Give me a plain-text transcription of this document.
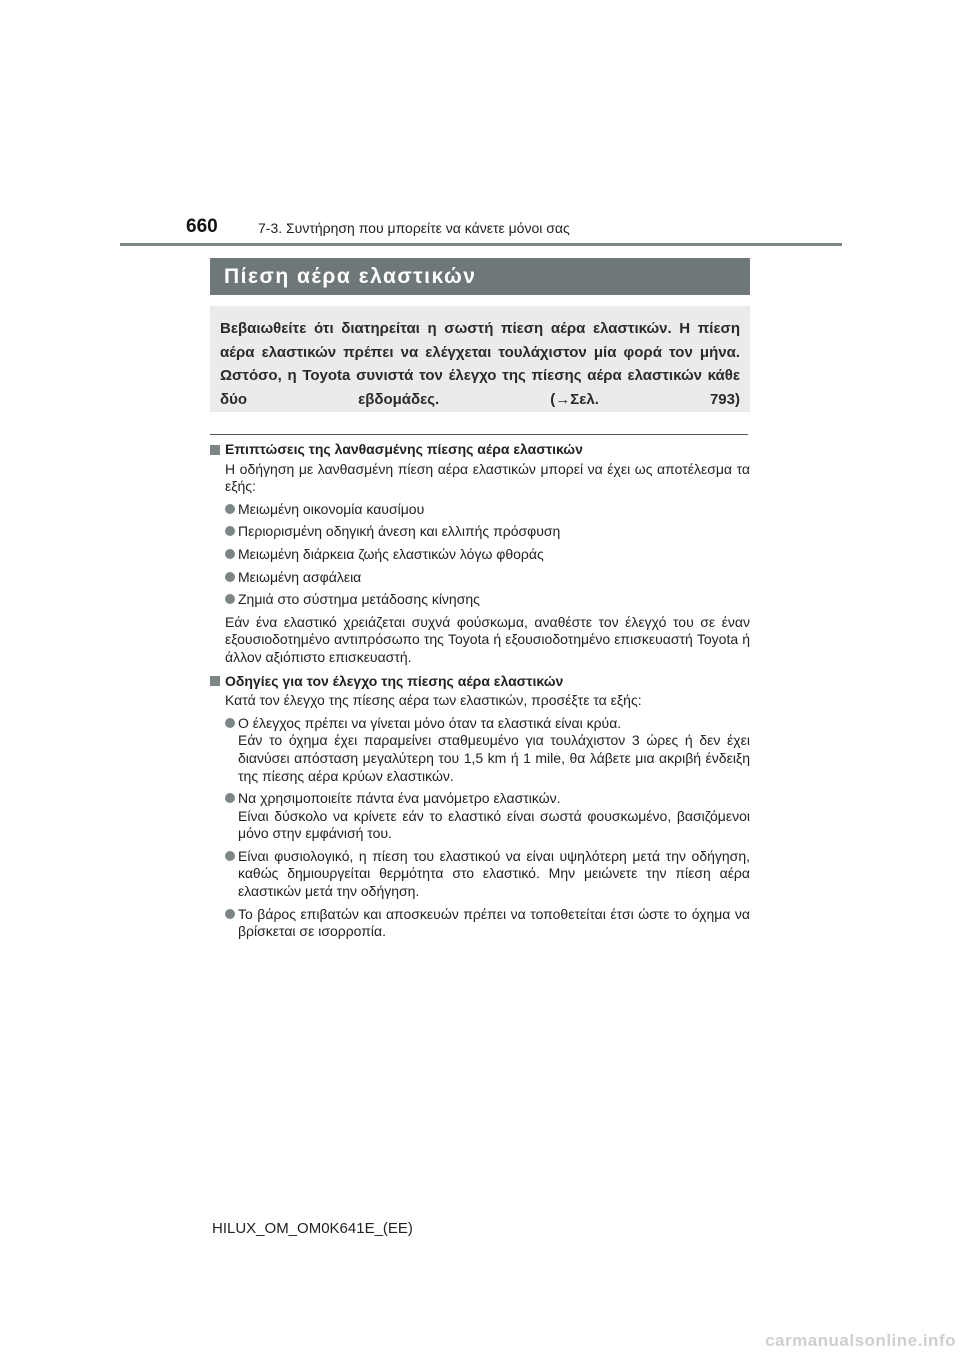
660	7-3. Συντήρηση που μπορείτε να κάνετε μόνοι σας
Πίεση αέρα ελαστικών

Βεβαιωθείτε ότι διατηρείται η σωστή πίεση αέρα ελαστικών. Η πίεση αέρα ελαστικών πρέπει να ελέγχεται τουλάχιστον μία φορά τον μήνα. Ωστόσο, η Toyota συνιστά τον έλεγχο της πίεσης αέρα ελαστικών κάθε δύο εβδομάδες. (→Σελ. 793)

Επιπτώσεις της λανθασμένης πίεσης αέρα ελαστικών
Η οδήγηση με λανθασμένη πίεση αέρα ελαστικών μπορεί να έχει ως αποτέλεσμα τα εξής:
Μειωμένη οικονομία καυσίμου
Περιορισμένη οδηγική άνεση και ελλιπής πρόσφυση
Μειωμένη διάρκεια ζωής ελαστικών λόγω φθοράς
Μειωμένη ασφάλεια
Ζημιά στο σύστημα μετάδοσης κίνησης
Εάν ένα ελαστικό χρειάζεται συχνά φούσκωμα, αναθέστε τον έλεγχό του σε έναν εξουσιοδοτημένο αντιπρόσωπο της Toyota ή εξουσιοδοτημένο επισκευαστή Toyota ή άλλον αξιόπιστο επισκευαστή.
Οδηγίες για τον έλεγχο της πίεσης αέρα ελαστικών
Κατά τον έλεγχο της πίεσης αέρα των ελαστικών, προσέξτε τα εξής:
Ο έλεγχος πρέπει να γίνεται μόνο όταν τα ελαστικά είναι κρύα.
Εάν το όχημα έχει παραμείνει σταθμευμένο για τουλάχιστον 3 ώρες ή δεν έχει διανύσει απόσταση μεγαλύτερη του 1,5 km ή 1 mile, θα λάβετε μια ακριβή ένδειξη της πίεσης αέρα κρύων ελαστικών.
Να χρησιμοποιείτε πάντα ένα μανόμετρο ελαστικών.
Είναι δύσκολο να κρίνετε εάν το ελαστικό είναι σωστά φουσκωμένο, βασιζόμενοι μόνο στην εμφάνισή του.
Είναι φυσιολογικό, η πίεση του ελαστικού να είναι υψηλότερη μετά την οδήγηση, καθώς δημιουργείται θερμότητα στο ελαστικό. Μην μειώνετε την πίεση αέρα ελαστικών μετά την οδήγηση.
Το βάρος επιβατών και αποσκευών πρέπει να τοποθετείται έτσι ώστε το όχημα να βρίσκεται σε ισορροπία.
HILUX_OM_OM0K641E_(EE)
carmanualsonline.info
